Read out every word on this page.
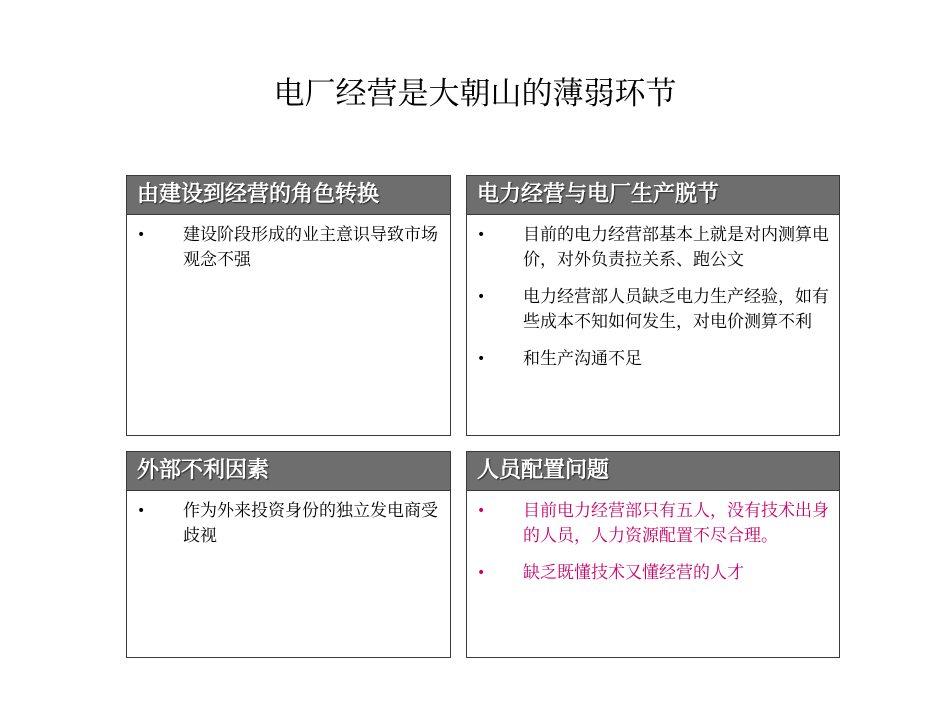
电厂经营是大朝山的薄弱环节
由建设到经营的角色转换
• 建设阶段形成的业主意识导致市场观念不强
电力经营与电厂生产脱节
• 目前的电力经营部基本上就是对内测算电价，对外负责拉关系、跑公文
• 电力经营部人员缺乏电力生产经验，如有些成本不知如何发生，对电价测算不利
• 和生产沟通不足
外部不利因素
• 作为外来投资身份的独立发电商受歧视
人员配置问题
• 目前电力经营部只有五人，没有技术出身的人员，人力资源配置不尽合理。
• 缺乏既懂技术又懂经营的人才
